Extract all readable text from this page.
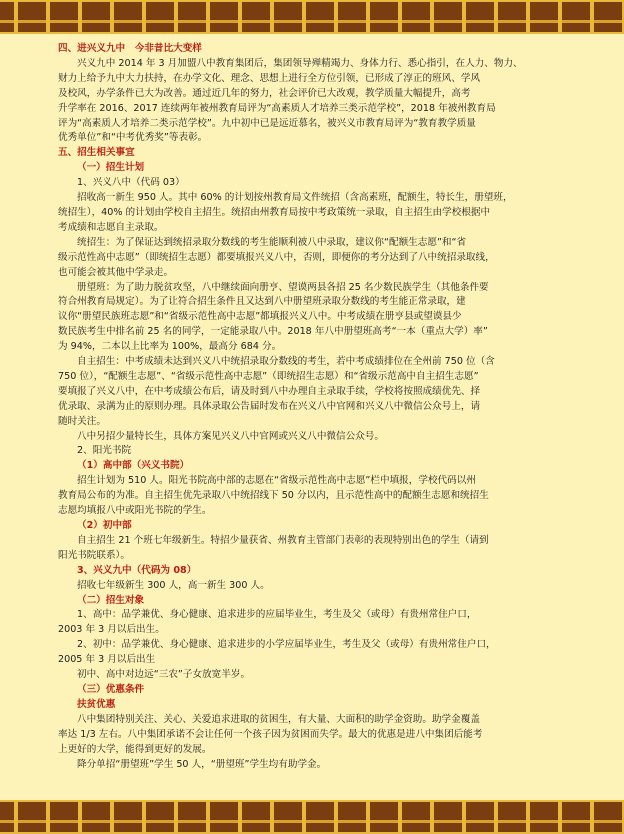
四、进兴义九中　今非昔比大变样
兴义九中 2014 年 3 月加盟八中教育集团后，集团领导殚精竭力、身体力行、悉心指引，在人力、物力、
财力上给予九中大力扶持，在办学文化、理念、思想上进行全方位引领，已形成了淳正的班风、学风
及校风，办学条件已大为改善。通过近几年的努力，社会评价已大改观，教学质量大幅提升，高考
升学率在 2016、2017 连续两年被州教育局评为“高素质人才培养三类示范学校”，2018 年被州教育局
评为“高素质人才培养二类示范学校”。九中初中已是远近慕名，被兴义市教育局评为“教育教学质量
优秀单位”和“中考优秀奖”等表彰。
五、招生相关事宜
（一）招生计划
1、兴义八中（代码 03）
招收高一新生 950 人。其中 60% 的计划按州教育局文件统招（含高素班，配额生，特长生，册望班，
统招生），40% 的计划由学校自主招生。统招由州教育局按中考政策统一录取，自主招生由学校根据中
考成绩和志愿自主录取。
统招生：为了保证达到统招录取分数线的考生能顺利被八中录取，建议你“配额生志愿”和“省
级示范性高中志愿”（即统招生志愿）都要填报兴义八中，否则，即便你的考分达到了八中统招录取线，
也可能会被其他中学录走。
册望班：为了助力脱贫攻坚，八中继续面向册亨、望谟两县各招 25 名少数民族学生（其他条件要
符合州教育局规定）。为了让符合招生条件且又达到八中册望班录取分数线的考生能正常录取，建
议你“册望民族班志愿”和“省级示范性高中志愿”都填报兴义八中。中考成绩在册亨县或望谟县少
数民族考生中排名前 25 名的同学，一定能录取八中。2018 年八中册望班高考“一本（重点大学）率”
为 94%，二本以上比率为 100%，最高分 684 分。
自主招生：中考成绩未达到兴义八中统招录取分数线的考生，若中考成绩排位在全州前 750 位（含
750 位），“配额生志愿”、“省级示范性高中志愿”（即统招生志愿）和“省级示范高中自主招生志愿”
要填报了兴义八中，在中考成绩公布后，请及时到八中办理自主录取手续，学校将按照成绩优先、择
优录取、录满为止的原则办理。具体录取公告届时发布在兴义八中官网和兴义八中微信公众号上，请
随时关注。
八中另招少量特长生，具体方案见兴义八中官网或兴义八中微信公众号。
2、阳光书院
（1）高中部（兴义书院）
招生计划为 510 人。阳光书院高中部的志愿在“省级示范性高中志愿”栏中填报，学校代码以州
教育局公布的为准。自主招生优先录取八中统招线下 50 分以内，且示范性高中的配额生志愿和统招生
志愿均填报八中或阳光书院的学生。
（2）初中部
自主招生 21 个班七年级新生。特招少量获省、州教育主管部门表彰的表现特别出色的学生（请到
阳光书院联系）。
3、兴义九中（代码为 08）
招收七年级新生 300 人，高一新生 300 人。
（二）招生对象
1、高中：品学兼优、身心健康、追求进步的应届毕业生，考生及父（或母）有贵州常住户口，
2003 年 3 月以后出生。
2、初中：品学兼优、身心健康、追求进步的小学应届毕业生，考生及父（或母）有贵州常住户口，
2005 年 3 月以后出生
初中、高中对边远“三农”子女放宽半岁。
（三）优惠条件
扶贫优惠
八中集团特别关注、关心、关爱追求进取的贫困生，有大量、大面积的助学金资助。助学金覆盖
率达 1/3 左右。八中集团承诺不会让任何一个孩子因为贫困而失学。最大的优惠是进八中集团后能考
上更好的大学，能得到更好的发展。
降分单招“册望班”学生 50 人，“册望班”学生均有助学金。
